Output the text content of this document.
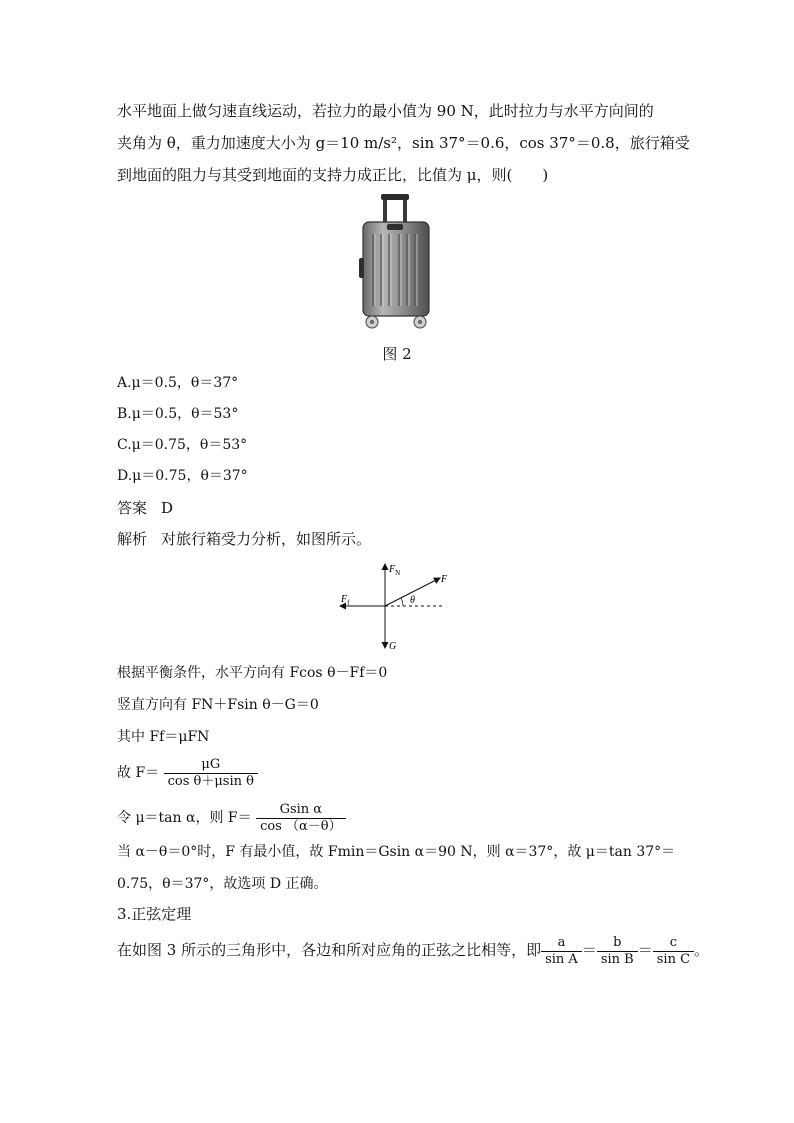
水平地面上做匀速直线运动，若拉力的最小值为 90 N，此时拉力与水平方向间的
夹角为 θ，重力加速度大小为 g＝10 m/s²，sin 37°＝0.6，cos 37°＝0.8，旅行箱受
到地面的阻力与其受到地面的支持力成正比，比值为 μ，则(　　)
图 2
A.μ＝0.5，θ＝37°
B.μ＝0.5，θ＝53°
C.μ＝0.75，θ＝53°
D.μ＝0.75，θ＝37°
答案 D
解析 对旅行箱受力分析，如图所示。
$F_N$
F
$F_f$	θ
G
根据平衡条件，水平方向有 Fcos θ－Ff＝0
竖直方向有 FN＋Fsin θ－G＝0
其中 Ff＝μFN
故 $F= \frac{\mu G}{\text{cos θ＋μsin θ}}$
令 μ＝tan α，则 $F= \frac{\text{Gsin α}}{\cos (\alpha-\theta)}$
当 α－θ＝0°时，F 有最小值，故 Fmin＝Gsin α＝90 N，则 α＝37°，故 μ＝tan 37°＝
0.75，θ＝37°，故选项 D 正确。
3.正弦定理
在如图 3 所示的三角形中，各边和所对应角的正弦之比相等，即 $\frac{a}{\text{sin A}} = \frac{b}{\text{sin B}} = \frac{c}{\text{sin C}}$ 。
